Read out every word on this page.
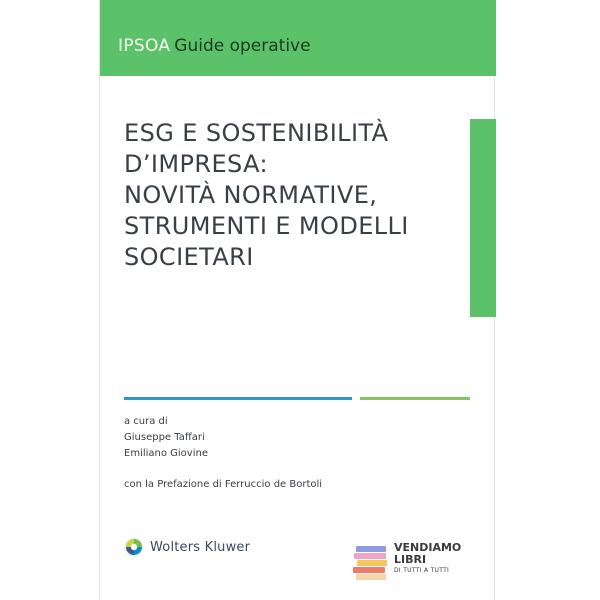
IPSOA Guide operative
ESG E SOSTENIBILITÀ
D’IMPRESA:
NOVITÀ NORMATIVE,
STRUMENTI E MODELLI
SOCIETARI
a cura di
Giuseppe Taffari
Emiliano Giovine
con la Prefazione di Ferruccio de Bortoli
Wolters Kluwer	VENDIAMO
LIBRI
DI TUTTI A TUTTI
